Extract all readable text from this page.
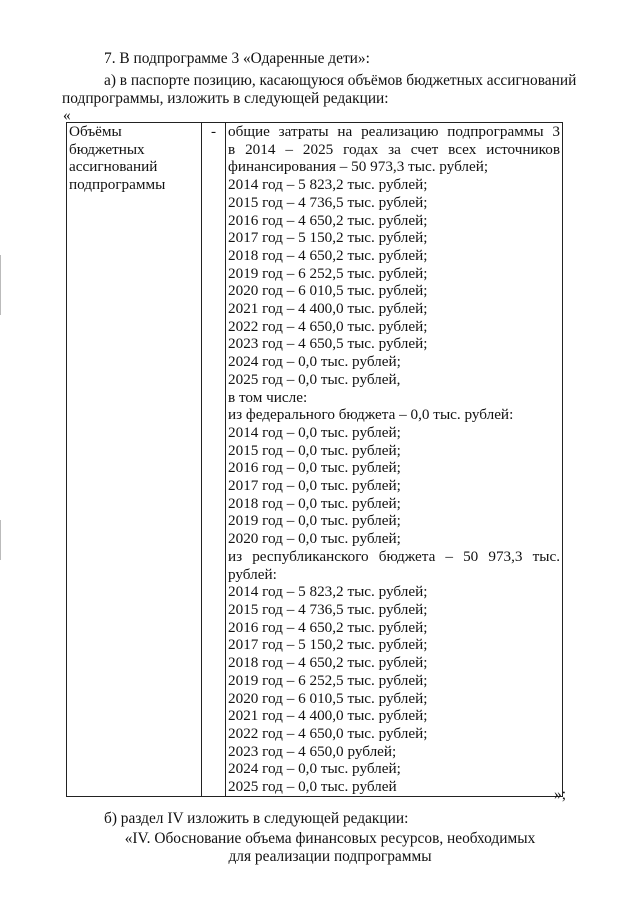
7. В подпрограмме 3 «Одаренные дети»:
а) в паспорте позицию, касающуюся объёмов бюджетных ассигнований
подпрограммы, изложить в следующей редакции:
«
Объёмы
бюджетных
ассигнований
подпрограммы

-	общие затраты на реализацию подпрограммы 3
в 2014 – 2025 годах за счет всех источников
финансирования – 50 973,3 тыс. рублей;
2014 год – 5 823,2 тыс. рублей;
2015 год – 4 736,5 тыс. рублей;
2016 год – 4 650,2 тыс. рублей;
2017 год – 5 150,2 тыс. рублей;
2018 год – 4 650,2 тыс. рублей;
2019 год – 6 252,5 тыс. рублей;
2020 год – 6 010,5 тыс. рублей;
2021 год – 4 400,0 тыс. рублей;
2022 год – 4 650,0 тыс. рублей;
2023 год – 4 650,5 тыс. рублей;
2024 год – 0,0 тыс. рублей;
2025 год – 0,0 тыс. рублей,
в том числе:
из федерального бюджета – 0,0 тыс. рублей:
2014 год – 0,0 тыс. рублей;
2015 год – 0,0 тыс. рублей;
2016 год – 0,0 тыс. рублей;
2017 год – 0,0 тыс. рублей;
2018 год – 0,0 тыс. рублей;
2019 год – 0,0 тыс. рублей;
2020 год – 0,0 тыс. рублей;
из республиканского бюджета – 50 973,3 тыс.
рублей:
2014 год – 5 823,2 тыс. рублей;
2015 год – 4 736,5 тыс. рублей;
2016 год – 4 650,2 тыс. рублей;
2017 год – 5 150,2 тыс. рублей;
2018 год – 4 650,2 тыс. рублей;
2019 год – 6 252,5 тыс. рублей;
2020 год – 6 010,5 тыс. рублей;
2021 год – 4 400,0 тыс. рублей;
2022 год – 4 650,0 тыс. рублей;
2023 год – 4 650,0 рублей;
2024 год – 0,0 тыс. рублей;
2025 год – 0,0 тыс. рублей	»;
б) раздел IV изложить в следующей редакции:
«IV. Обоснование объема финансовых ресурсов, необходимых
для реализации подпрограммы
